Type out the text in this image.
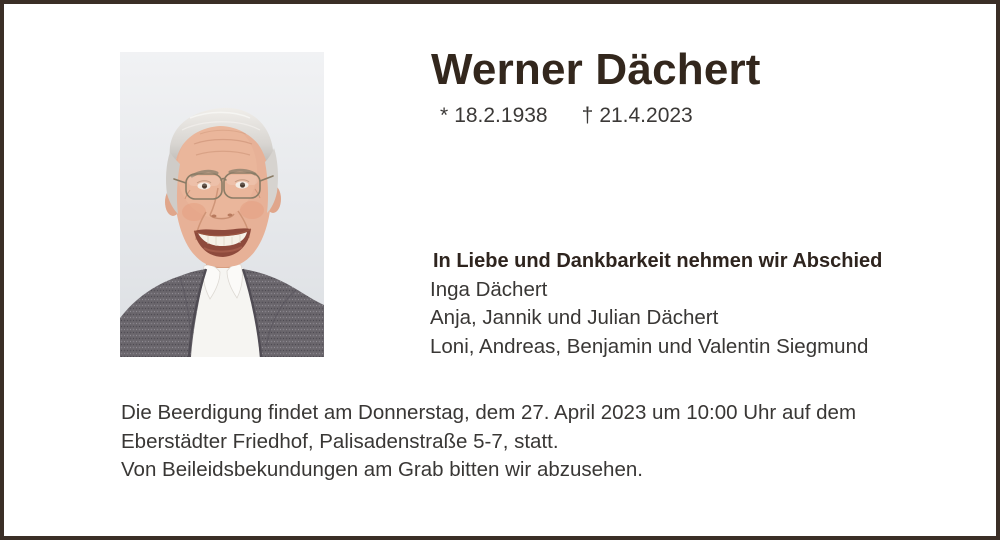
Werner Dächert
* 18.2.1938 † 21.4.2023
In Liebe und Dankbarkeit nehmen wir Abschied
Inga Dächert
Anja, Jannik und Julian Dächert
Loni, Andreas, Benjamin und Valentin Siegmund
Die Beerdigung findet am Donnerstag, dem 27. April 2023 um 10:00 Uhr auf dem
Eberstädter Friedhof, Palisadenstraße 5-7, statt.
Von Beileidsbekundungen am Grab bitten wir abzusehen.
